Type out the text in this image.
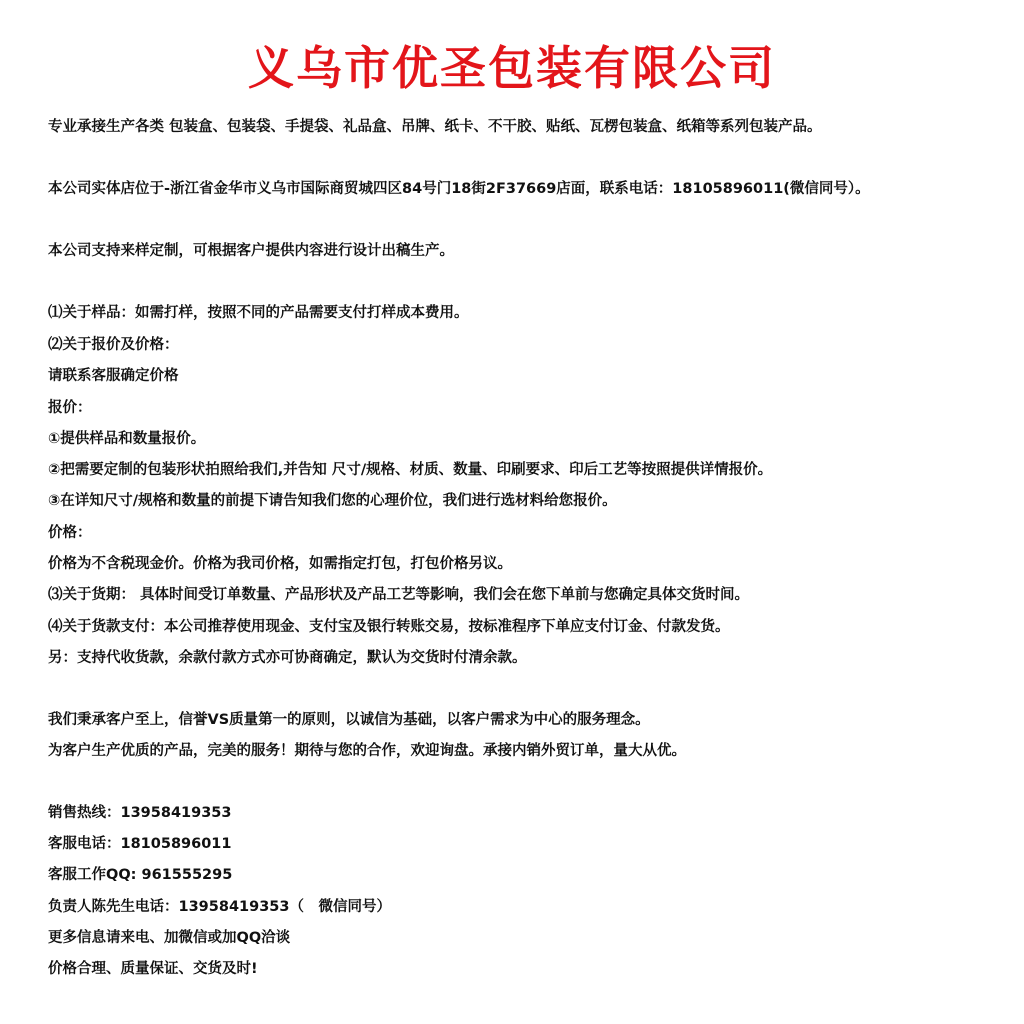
义乌市优圣包装有限公司
专业承接生产各类 包装盒、包装袋、手提袋、礼品盒、吊牌、纸卡、不干胶、贴纸、瓦楞包装盒、纸箱等系列包装产品。
本公司实体店位于-浙江省金华市义乌市国际商贸城四区84号门18街2F37669店面，联系电话：18105896011(微信同号）。
本公司支持来样定制，可根据客户提供内容进行设计出稿生产。
⑴关于样品：如需打样，按照不同的产品需要支付打样成本费用。
⑵关于报价及价格：
请联系客服确定价格
报价：
①提供样品和数量报价。
②把需要定制的包装形状拍照给我们,并告知 尺寸/规格、材质、数量、印刷要求、印后工艺等按照提供详情报价。
③在详知尺寸/规格和数量的前提下请告知我们您的心理价位，我们进行选材料给您报价。
价格：
价格为不含税现金价。价格为我司价格，如需指定打包，打包价格另议。
⑶关于货期： 具体时间受订单数量、产品形状及产品工艺等影响，我们会在您下单前与您确定具体交货时间。
⑷关于货款支付：本公司推荐使用现金、支付宝及银行转账交易，按标准程序下单应支付订金、付款发货。
另：支持代收货款，余款付款方式亦可协商确定，默认为交货时付清余款。
我们秉承客户至上，信誉VS质量第一的原则，以诚信为基础，以客户需求为中心的服务理念。
为客户生产优质的产品，完美的服务！期待与您的合作，欢迎询盘。承接内销外贸订单，量大从优。
销售热线：13958419353
客服电话：18105896011
客服工作QQ: 961555295
负责人陈先生电话：13958419353（　微信同号）
更多信息请来电、加微信或加QQ洽谈
价格合理、质量保证、交货及时!
